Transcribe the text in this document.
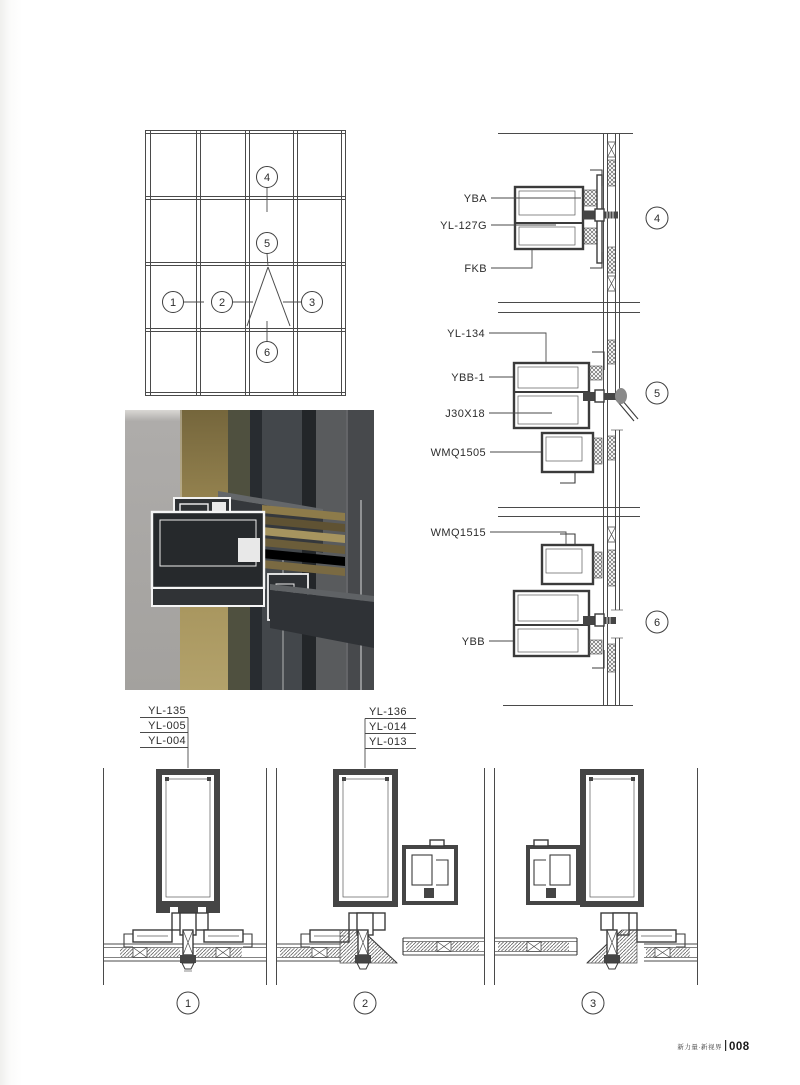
4
5
1	2	3
6
YBA
YL-127G
FKB
YL-134
YBB-1
J30X18
WMQ1505
WMQ1515
YBB
4
5
6
YL-135
YL-005
YL-004
YL-136
YL-014
YL-013
1	2	3
新力量·新视界 008
